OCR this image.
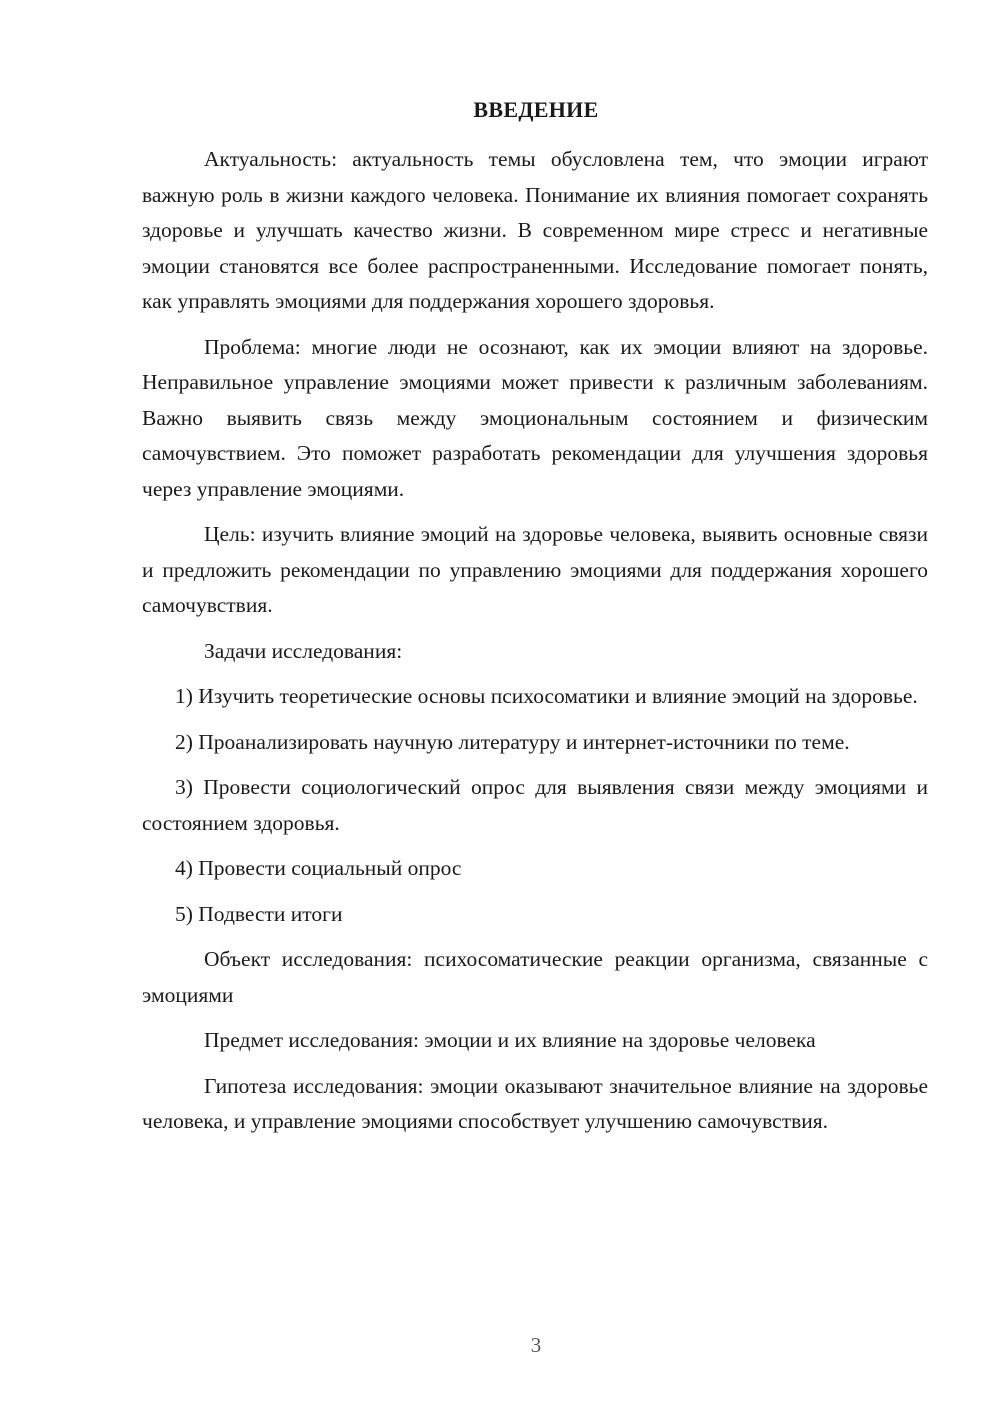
ВВЕДЕНИЕ

Актуальность: актуальность темы обусловлена тем, что эмоции играют важную роль в жизни каждого человека. Понимание их влияния помогает сохранять здоровье и улучшать качество жизни. В современном мире стресс и негативные эмоции становятся все более распространенными. Исследование помогает понять, как управлять эмоциями для поддержания хорошего здоровья.

Проблема: многие люди не осознают, как их эмоции влияют на здоровье. Неправильное управление эмоциями может привести к различным заболеваниям. Важно выявить связь между эмоциональным состоянием и физическим самочувствием. Это поможет разработать рекомендации для улучшения здоровья через управление эмоциями.

Цель: изучить влияние эмоций на здоровье человека, выявить основные связи и предложить рекомендации по управлению эмоциями для поддержания хорошего самочувствия.

Задачи исследования:

1) Изучить теоретические основы психосоматики и влияние эмоций на здоровье.

2) Проанализировать научную литературу и интернет-источники по теме.

3) Провести социологический опрос для выявления связи между эмоциями и состоянием здоровья.

4) Провести социальный опрос

5) Подвести итоги

Объект исследования: психосоматические реакции организма, связанные с эмоциями

Предмет исследования: эмоции и их влияние на здоровье человека

Гипотеза исследования: эмоции оказывают значительное влияние на здоровье человека, и управление эмоциями способствует улучшению самочувствия.

3
